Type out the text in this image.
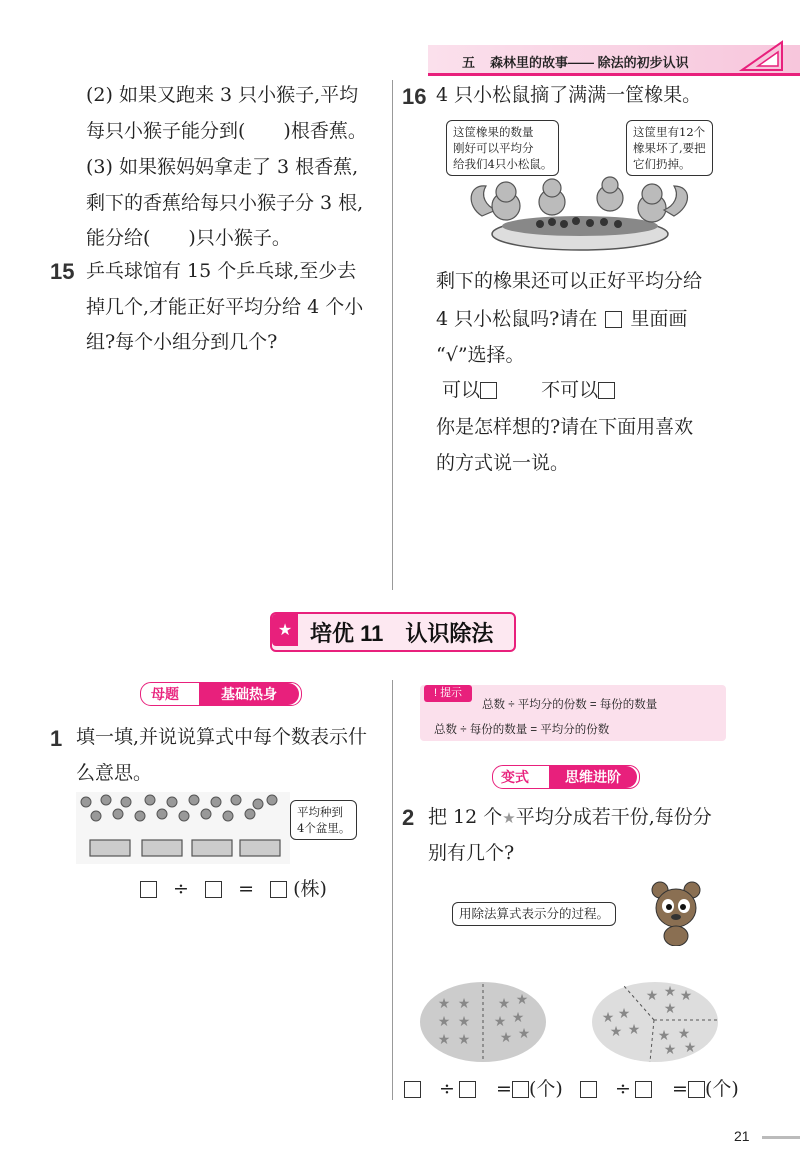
五 森林里的故事—— 除法的初步认识
(2) 如果又跑来 3 只小猴子,平均
每只小猴子能分到(　　)根香蕉。
(3) 如果猴妈妈拿走了 3 根香蕉,
剩下的香蕉给每只小猴子分 3 根,
能分给(　　)只小猴子。
15 乒乓球馆有 15 个乒乓球,至少去
掉几个,才能正好平均分给 4 个小
组?每个小组分到几个?
16 4 只小松鼠摘了满满一筐橡果。
这筐橡果的数量
刚好可以平均分
给我们4只小松鼠。
这筐里有12个
橡果坏了,要把
它们扔掉。
剩下的橡果还可以正好平均分给
4 只小松鼠吗?请在 里面画
“√”选择。
可以	不可以
你是怎样想的?请在下面用喜欢
的方式说一说。
★ 培优 11　认识除法
母题	基础热身
1 填一填,并说说算式中每个数表示什
么意思。
平均种到
4个盆里。
÷	= (株)
! 提示
总数 ÷ 平均分的份数 = 每份的数量
总数 ÷ 每份的数量 = 平均分的份数
变式	思维进阶
2 把 12 个★平均分成若干份,每份分
别有几个?
用除法算式表示分的过程。
★ ★
★ ★
★ ★
★ ★
★ ★
★ ★
★ ★ ★
★
★ ★
★ ★ ★ ★
★ ★
÷ = (个)	÷ = (个)
21
